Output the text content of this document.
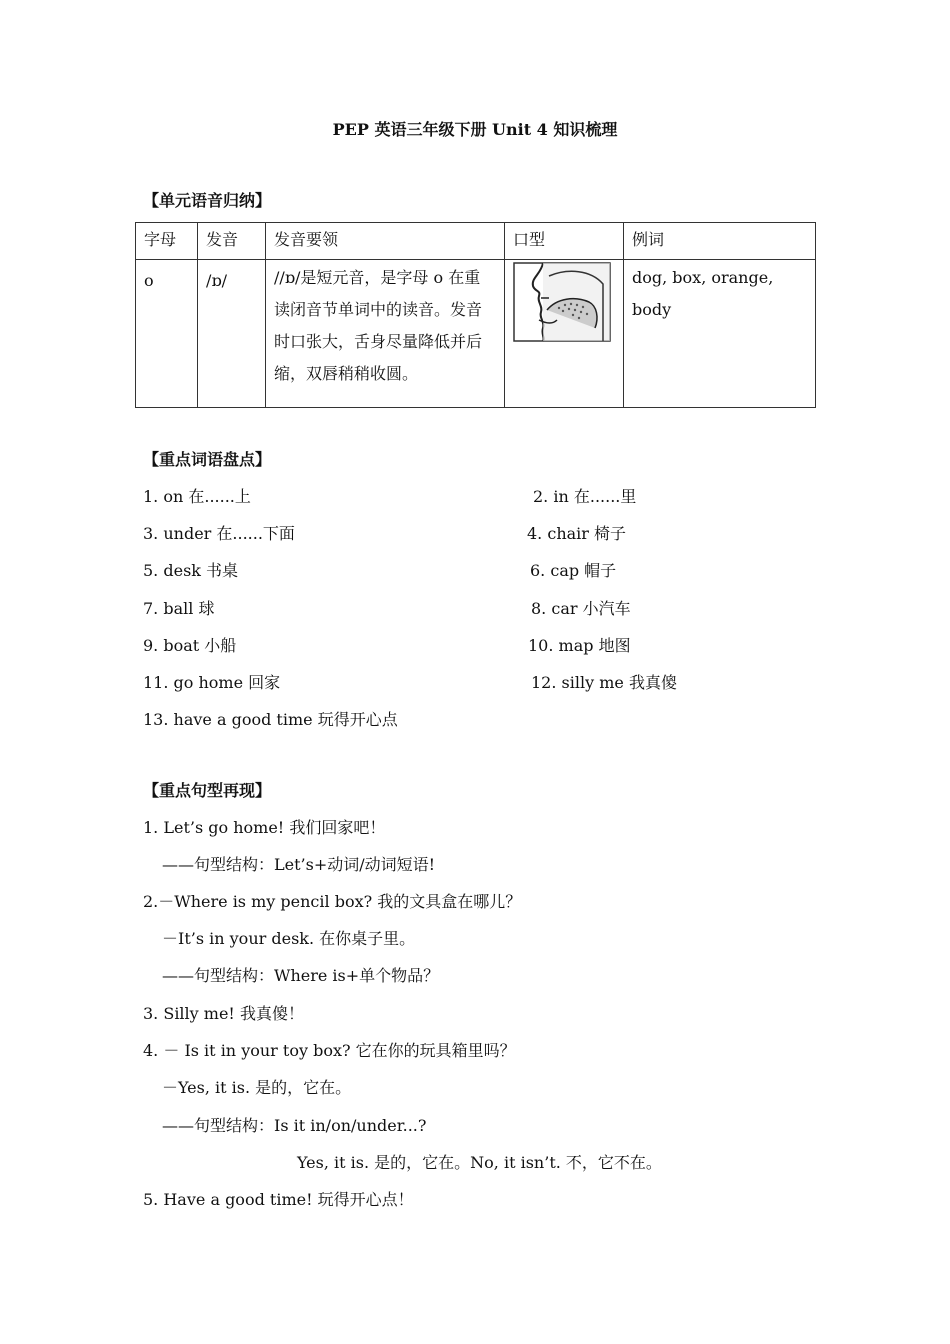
PEP 英语三年级下册 Unit 4 知识梳理
【单元语音归纳】
字母	发音	发音要领	口型	例词
o	/ɒ/	//ɒ/是短元音，是字母 o 在重读闭音节单词中的读音。发音时口张大，舌身尽量降低并后缩，双唇稍稍收圆。		dog, box, orange, body
【重点词语盘点】
1. on 在......上	2. in 在......里
3. under 在......下面	4. chair 椅子
5. desk 书桌	6. cap 帽子
7. ball 球	8. car 小汽车
9. boat 小船	10. map 地图
11. go home 回家	12. silly me 我真傻
13. have a good time 玩得开心点
【重点句型再现】
1. Let’s go home! 我们回家吧！
——句型结构：Let’s+动词/动词短语!
2.－Where is my pencil box? 我的文具盒在哪儿？
－It’s in your desk. 在你桌子里。
——句型结构：Where is+单个物品？
3. Silly me! 我真傻！
4. － Is it in your toy box? 它在你的玩具箱里吗？
－Yes, it is. 是的，它在。
——句型结构：Is it in/on/under...?
Yes, it is. 是的，它在。No, it isn’t. 不，它不在。
5. Have a good time! 玩得开心点！
